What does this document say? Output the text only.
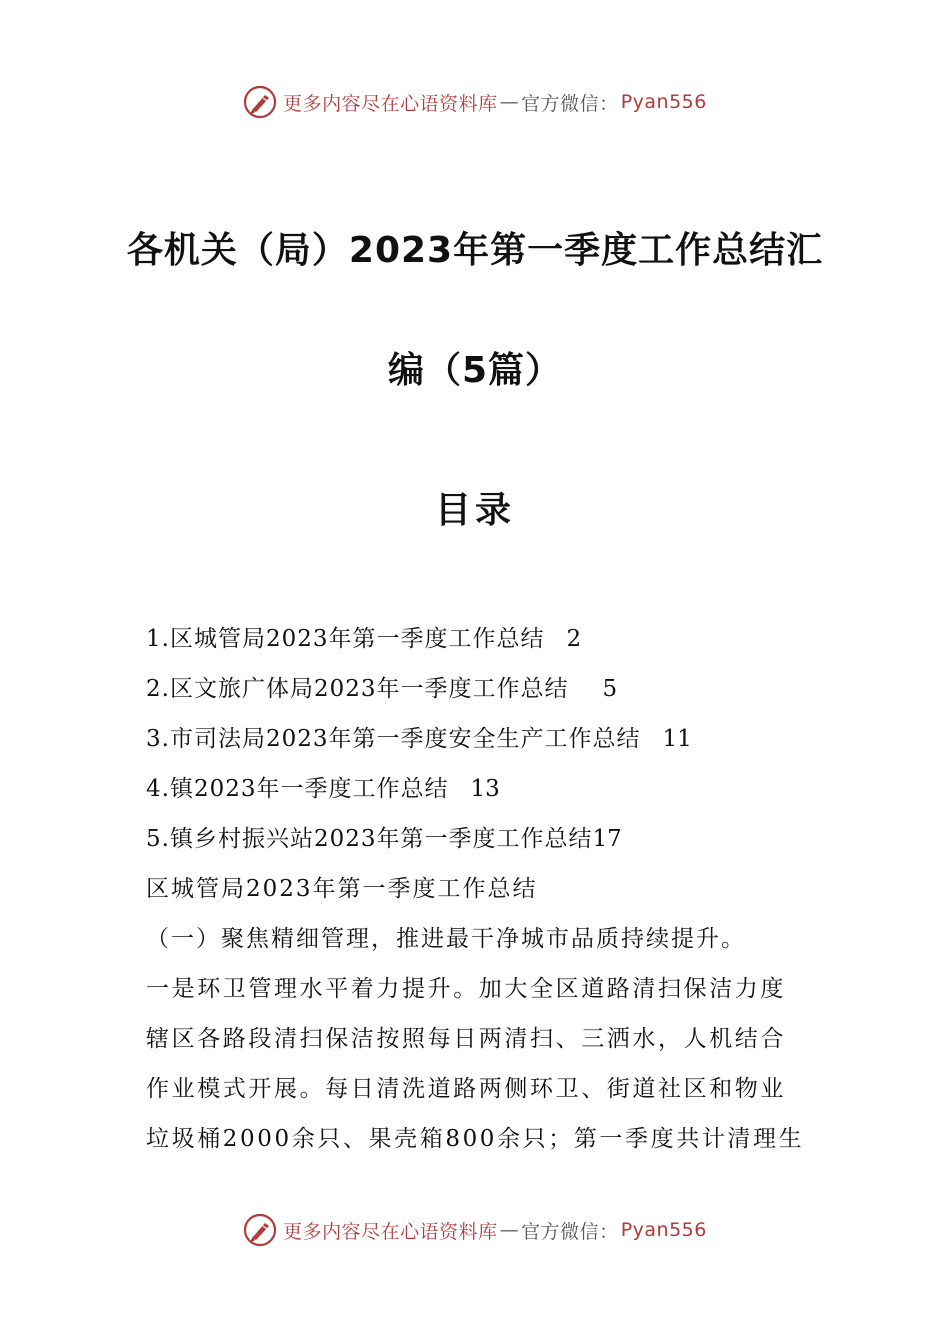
更多内容尽在心语资料库 — 官方微信： Pyan556
各机关（局）2023年第一季度工作总结汇
编（5篇）
目录
1.区城管局2023年第一季度工作总结 2
2.区文旅广体局2023年一季度工作总结 5
3.市司法局2023年第一季度安全生产工作总结 11
4.镇2023年一季度工作总结 13
5.镇乡村振兴站2023年第一季度工作总结17
区城管局2023年第一季度工作总结
（一）聚焦精细管理，推进最干净城市品质持续提升。
一是环卫管理水平着力提升。加大全区道路清扫保洁力度
辖区各路段清扫保洁按照每日两清扫、三洒水，人机结合
作业模式开展。每日清洗道路两侧环卫、街道社区和物业
垃圾桶2000余只、果壳箱800余只；第一季度共计清理生
更多内容尽在心语资料库 — 官方微信： Pyan556
